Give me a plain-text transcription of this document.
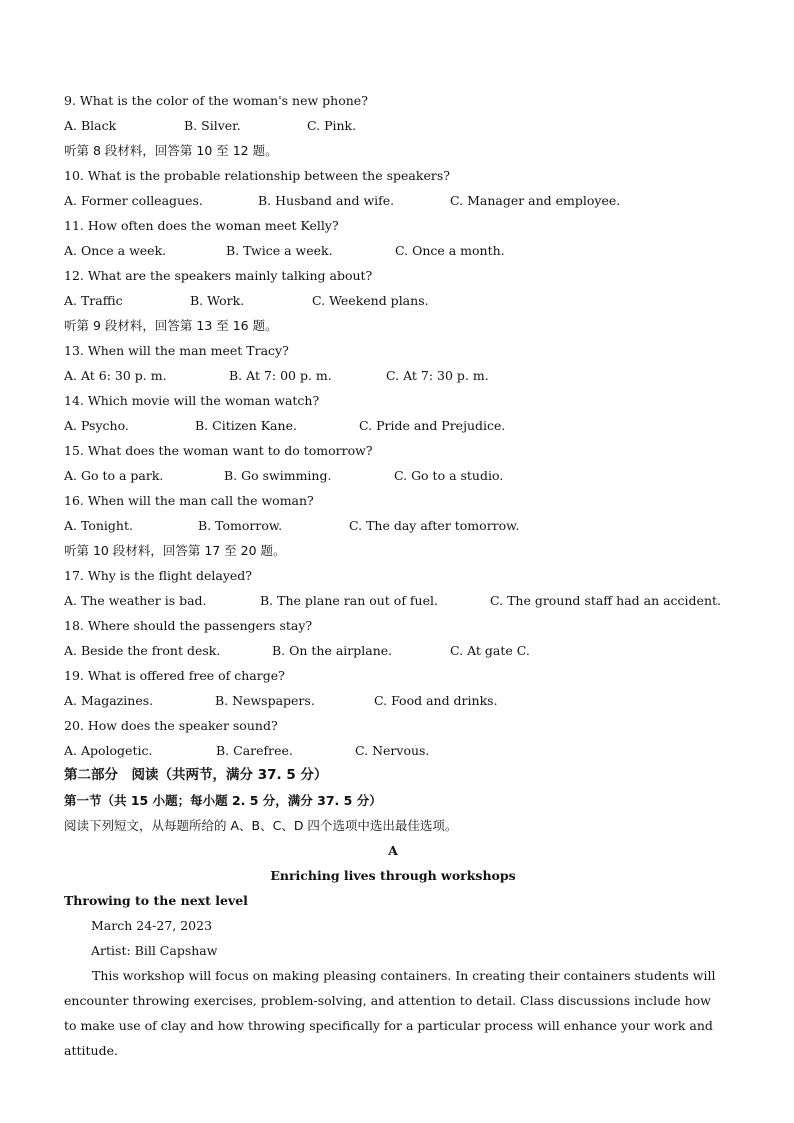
9. What is the color of the woman's new phone?
A. Black	B. Silver.	C. Pink.
听第 8 段材料，回答第 10 至 12 题。
10. What is the probable relationship between the speakers?
A. Former colleagues.	B. Husband and wife.	C. Manager and employee.
11. How often does the woman meet Kelly?
A. Once a week.	B. Twice a week.	C. Once a month.
12. What are the speakers mainly talking about?
A. Traffic	B. Work.	C. Weekend plans.
听第 9 段材料，回答第 13 至 16 题。
13. When will the man meet Tracy?
A. At 6: 30 p. m.	B. At 7: 00 p. m.	C. At 7: 30 p. m.
14. Which movie will the woman watch?
A. Psycho.	B. Citizen Kane.	C. Pride and Prejudice.
15. What does the woman want to do tomorrow?
A. Go to a park.	B. Go swimming.	C. Go to a studio.
16. When will the man call the woman?
A. Tonight.	B. Tomorrow.	C. The day after tomorrow.
听第 10 段材料，回答第 17 至 20 题。
17. Why is the flight delayed?
A. The weather is bad.	B. The plane ran out of fuel.	C. The ground staff had an accident.
18. Where should the passengers stay?
A. Beside the front desk.	B. On the airplane.	C. At gate C.
19. What is offered free of charge?
A. Magazines.	B. Newspapers.	C. Food and drinks.
20. How does the speaker sound?
A. Apologetic.	B. Carefree.	C. Nervous.
第二部分　阅读（共两节，满分 37. 5 分）
第一节（共 15 小题；每小题 2. 5 分，满分 37. 5 分）
阅读下列短文，从每题所给的 A、B、C、D 四个选项中选出最佳选项。
A
Enriching lives through workshops
Throwing to the next level
March 24-27, 2023
Artist: Bill Capshaw
This workshop will focus on making pleasing containers. In creating their containers students will encounter throwing exercises, problem-solving, and attention to detail. Class discussions include how to make use of clay and how throwing specifically for a particular process will enhance your work and attitude.
